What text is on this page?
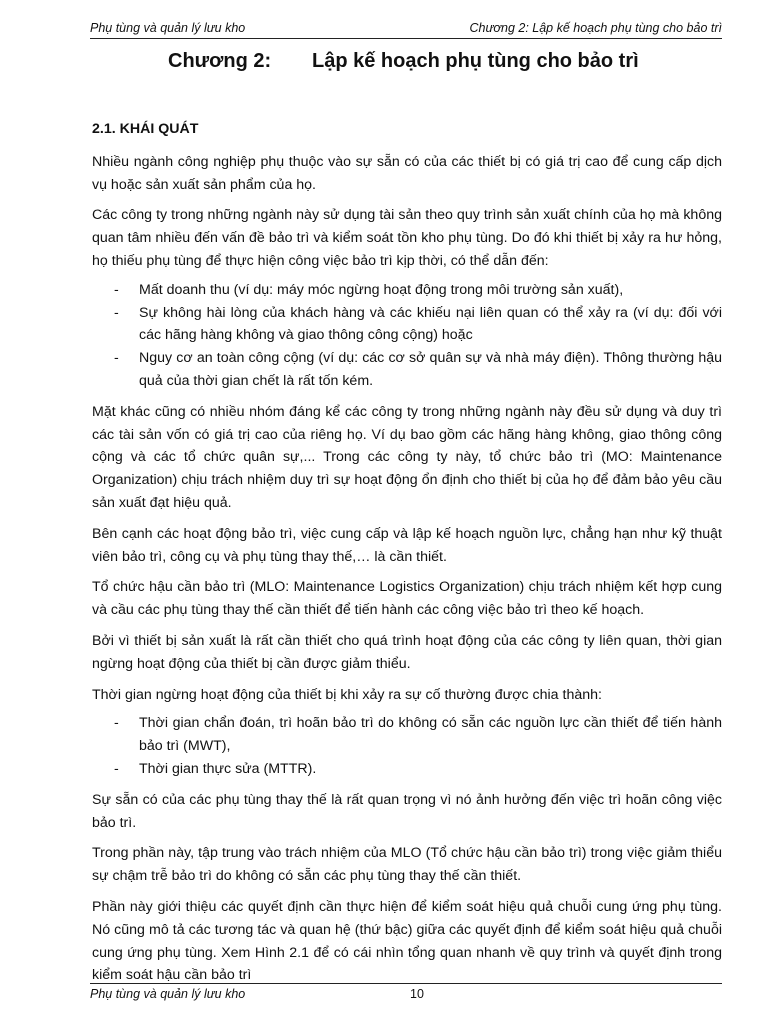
Phụ tùng và quản lý lưu kho	Chương 2: Lập kế hoạch phụ tùng cho bảo trì
Chương 2: Lập kế hoạch phụ tùng cho bảo trì
2.1. KHÁI QUÁT

Nhiều ngành công nghiệp phụ thuộc vào sự sẵn có của các thiết bị có giá trị cao để cung cấp dịch vụ hoặc sản xuất sản phẩm của họ.

Các công ty trong những ngành này sử dụng tài sản theo quy trình sản xuất chính của họ mà không quan tâm nhiều đến vấn đề bảo trì và kiểm soát tồn kho phụ tùng. Do đó khi thiết bị xảy ra hư hỏng, họ thiếu phụ tùng để thực hiện công việc bảo trì kịp thời, có thể dẫn đến:

- Mất doanh thu (ví dụ: máy móc ngừng hoạt động trong môi trường sản xuất),
- Sự không hài lòng của khách hàng và các khiếu nại liên quan có thể xảy ra (ví dụ: đối với các hãng hàng không và giao thông công cộng) hoặc
- Nguy cơ an toàn công cộng (ví dụ: các cơ sở quân sự và nhà máy điện). Thông thường hậu quả của thời gian chết là rất tốn kém.

Mặt khác cũng có nhiều nhóm đáng kể các công ty trong những ngành này đều sử dụng và duy trì các tài sản vốn có giá trị cao của riêng họ. Ví dụ bao gồm các hãng hàng không, giao thông công cộng và các tổ chức quân sự,... Trong các công ty này, tổ chức bảo trì (MO: Maintenance Organization) chịu trách nhiệm duy trì sự hoạt động ổn định cho thiết bị của họ để đảm bảo yêu cầu sản xuất đạt hiệu quả.

Bên cạnh các hoạt động bảo trì, việc cung cấp và lập kế hoạch nguồn lực, chẳng hạn như kỹ thuật viên bảo trì, công cụ và phụ tùng thay thế,… là cần thiết.

Tổ chức hậu cần bảo trì (MLO: Maintenance Logistics Organization) chịu trách nhiệm kết hợp cung và cầu các phụ tùng thay thế cần thiết để tiến hành các công việc bảo trì theo kế hoạch.

Bởi vì thiết bị sản xuất là rất cần thiết cho quá trình hoạt động của các công ty liên quan, thời gian ngừng hoạt động của thiết bị cần được giảm thiểu.

Thời gian ngừng hoạt động của thiết bị khi xảy ra sự cố thường được chia thành:

- Thời gian chẩn đoán, trì hoãn bảo trì do không có sẵn các nguồn lực cần thiết để tiến hành bảo trì (MWT),
- Thời gian thực sửa (MTTR).

Sự sẵn có của các phụ tùng thay thế là rất quan trọng vì nó ảnh hưởng đến việc trì hoãn công việc bảo trì.

Trong phần này, tập trung vào trách nhiệm của MLO (Tổ chức hậu cần bảo trì) trong việc giảm thiểu sự chậm trễ bảo trì do không có sẵn các phụ tùng thay thế cần thiết.

Phần này giới thiệu các quyết định cần thực hiện để kiểm soát hiệu quả chuỗi cung ứng phụ tùng. Nó cũng mô tả các tương tác và quan hệ (thứ bậc) giữa các quyết định để kiểm soát hiệu quả chuỗi cung ứng phụ tùng. Xem Hình 2.1 để có cái nhìn tổng quan nhanh về quy trình và quyết định trong kiểm soát hậu cần bảo trì

Phụ tùng và quản lý lưu kho	10
